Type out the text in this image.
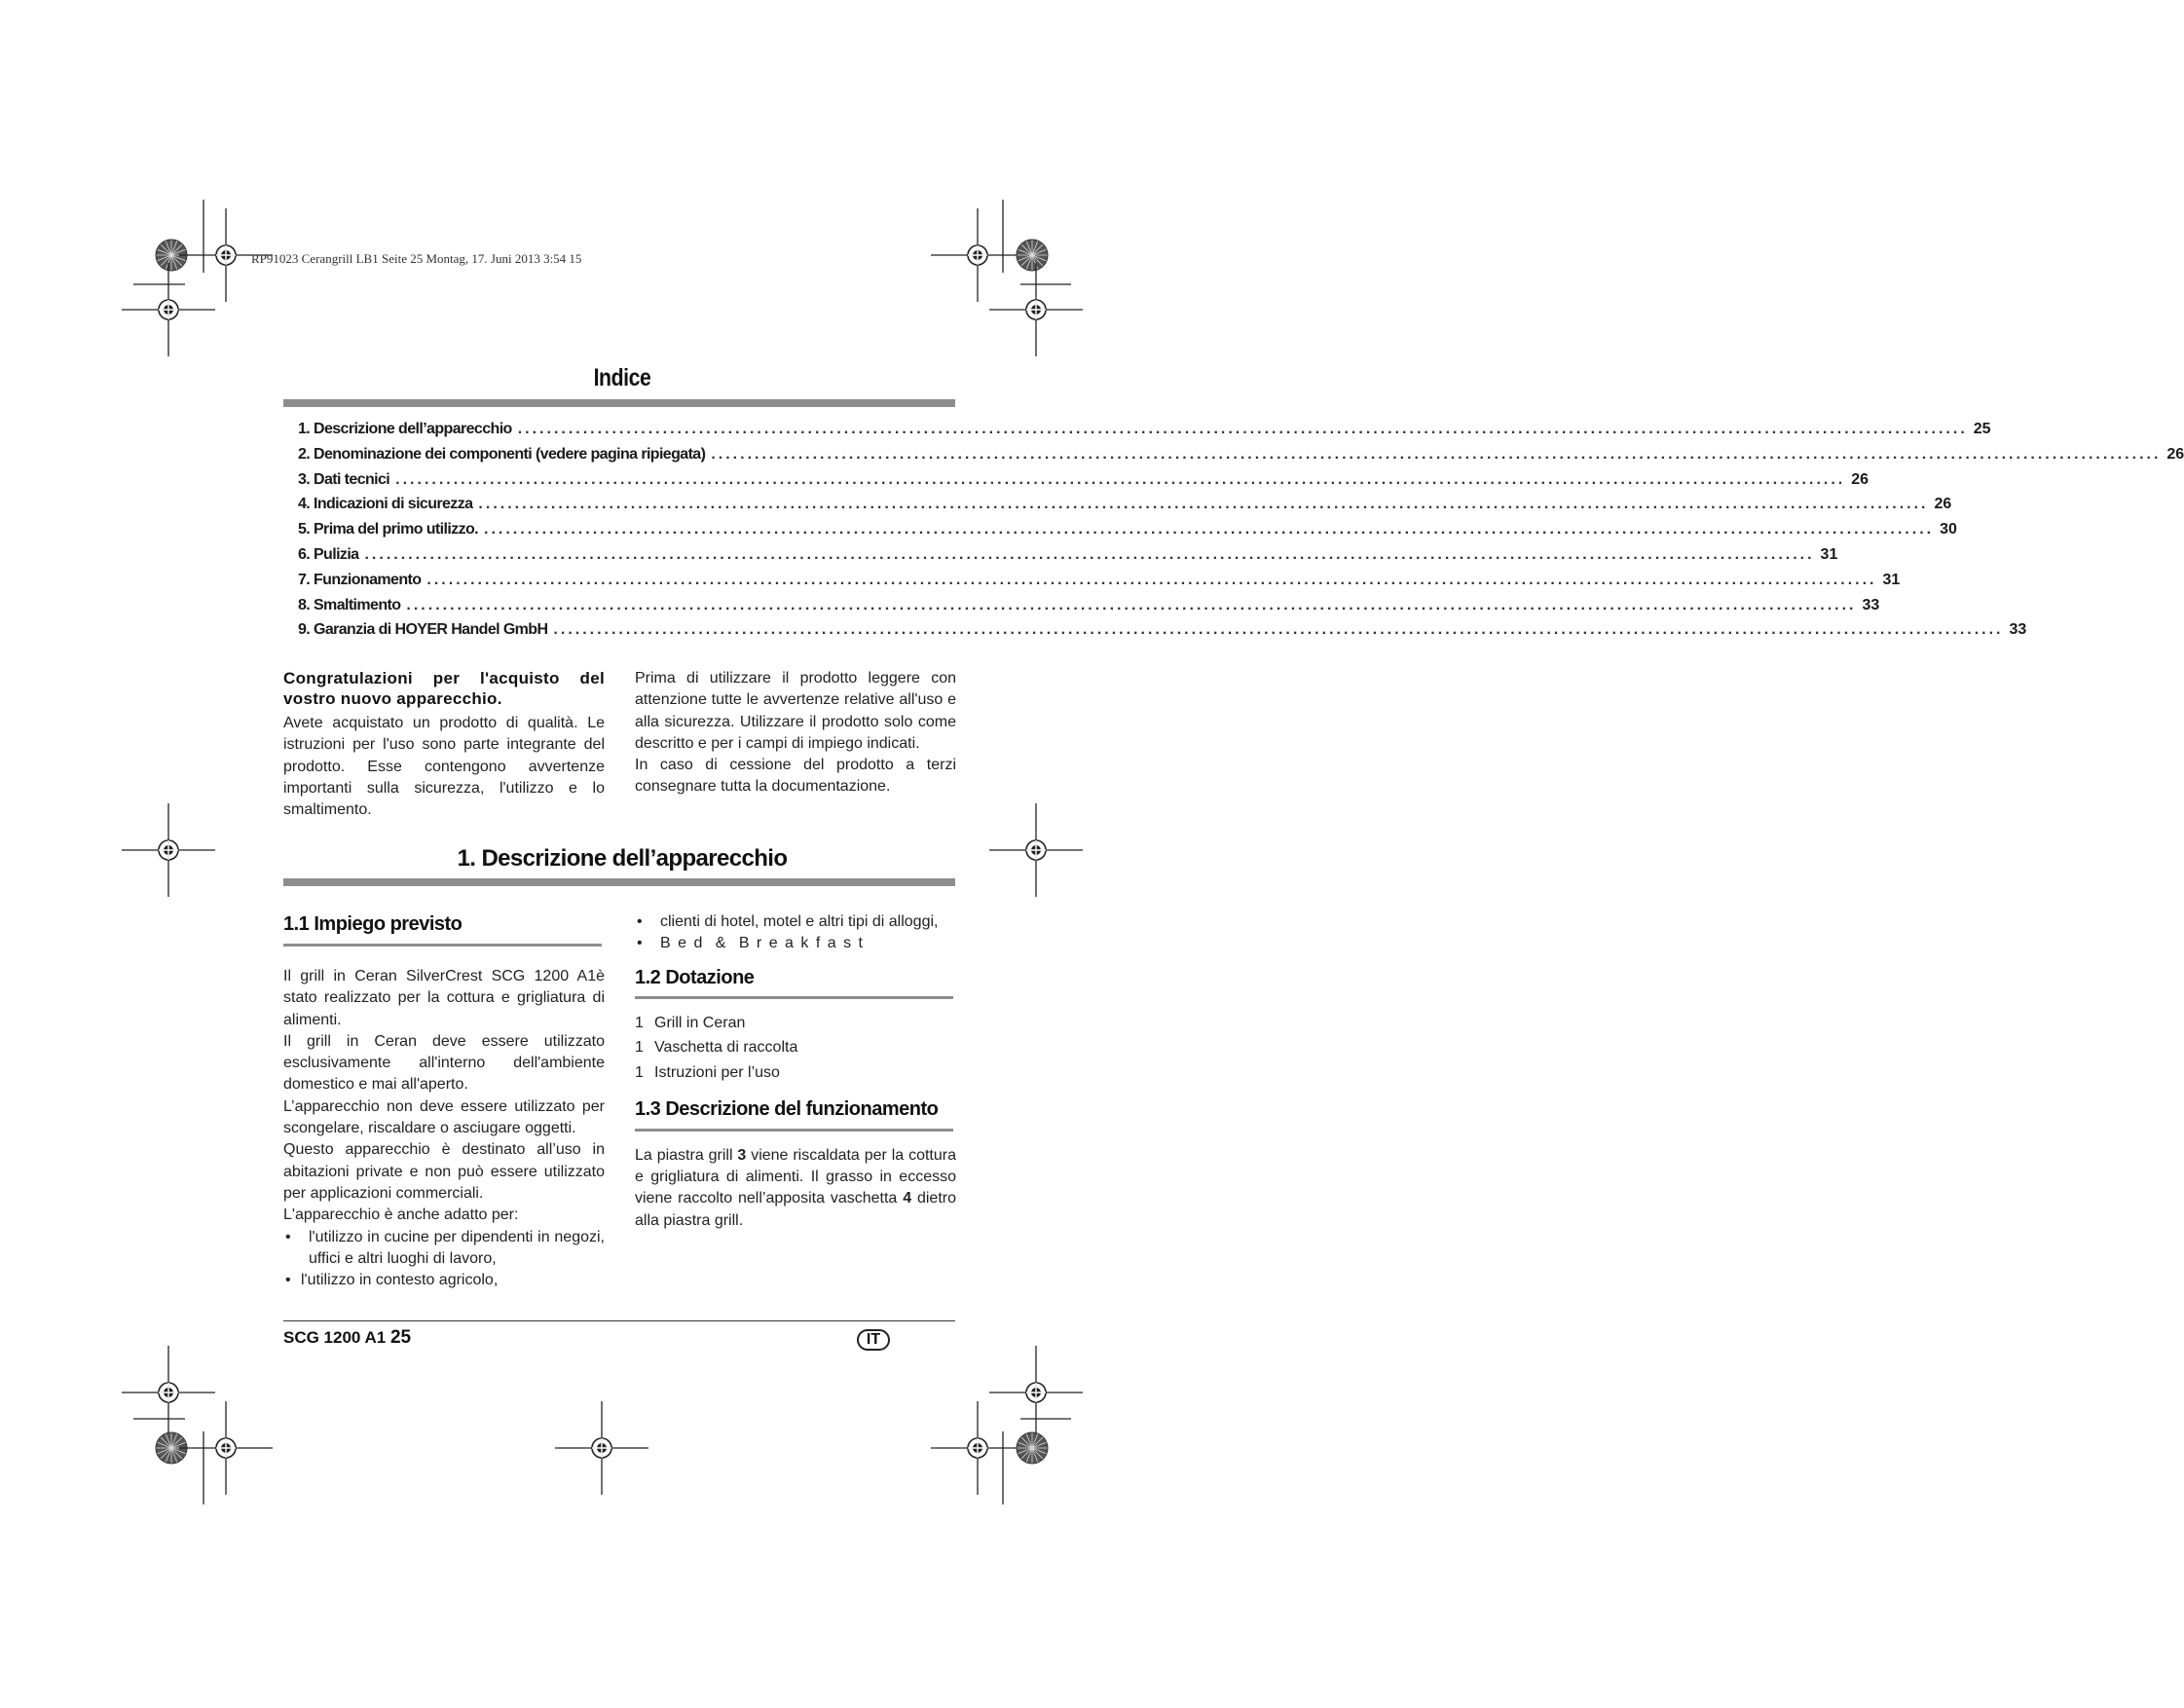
RP91023 Cerangrill LB1 Seite 25 Montag, 17. Juni 2013 3:54 15
Indice
1. Descrizione dell’apparecchio ........................................................................................................................................................................................................ 25
2. Denominazione dei componenti (vedere pagina ripiegata) ........................................................................................................................................................................................................ 26
3. Dati tecnici ........................................................................................................................................................................................................ 26
4. Indicazioni di sicurezza ........................................................................................................................................................................................................ 26
5. Prima del primo utilizzo. ........................................................................................................................................................................................................ 30
6. Pulizia ........................................................................................................................................................................................................ 31
7. Funzionamento ........................................................................................................................................................................................................ 31
8. Smaltimento ........................................................................................................................................................................................................ 33
9. Garanzia di HOYER Handel GmbH ........................................................................................................................................................................................................ 33
Congratulazioni per l'acquisto del vostro nuovo apparecchio.

Avete acquistato un prodotto di qualità. Le istruzioni per l'uso sono parte integrante del prodotto. Esse contengono avvertenze importanti sulla sicurezza, l'utilizzo e lo smaltimento.

Prima di utilizzare il prodotto leggere con attenzione tutte le avvertenze relative all'uso e alla sicurezza. Utilizzare il prodotto solo come descritto e per i campi di impiego indicati.

In caso di cessione del prodotto a terzi consegnare tutta la documentazione.

1. Descrizione dell’apparecchio
1.1 Impiego previsto

Il grill in Ceran SilverCrest SCG 1200 A1è stato realizzato per la cottura e grigliatura di alimenti.

Il grill in Ceran deve essere utilizzato esclusivamente all'interno dell'ambiente domestico e mai all'aperto.

L’apparecchio non deve essere utilizzato per scongelare, riscaldare o asciugare oggetti.

Questo apparecchio è destinato all’uso in abitazioni private e non può essere utilizzato per applicazioni commerciali.

L'apparecchio è anche adatto per:

• l'utilizzo in cucine per dipendenti in negozi, uffici e altri luoghi di lavoro,
• l'utilizzo in contesto agricolo,
• clienti di hotel, motel e altri tipi di alloggi,
• B e d  &  B r e a k f a s t
1.2 Dotazione
1 Grill in Ceran
1 Vaschetta di raccolta
1 Istruzioni per l’uso
1.3 Descrizione del funzionamento

La piastra grill 3 viene riscaldata per la cottura e grigliatura di alimenti. Il grasso in eccesso viene raccolto nell’apposita vaschetta 4 dietro alla piastra grill.

SCG 1200 A1 25	IT
